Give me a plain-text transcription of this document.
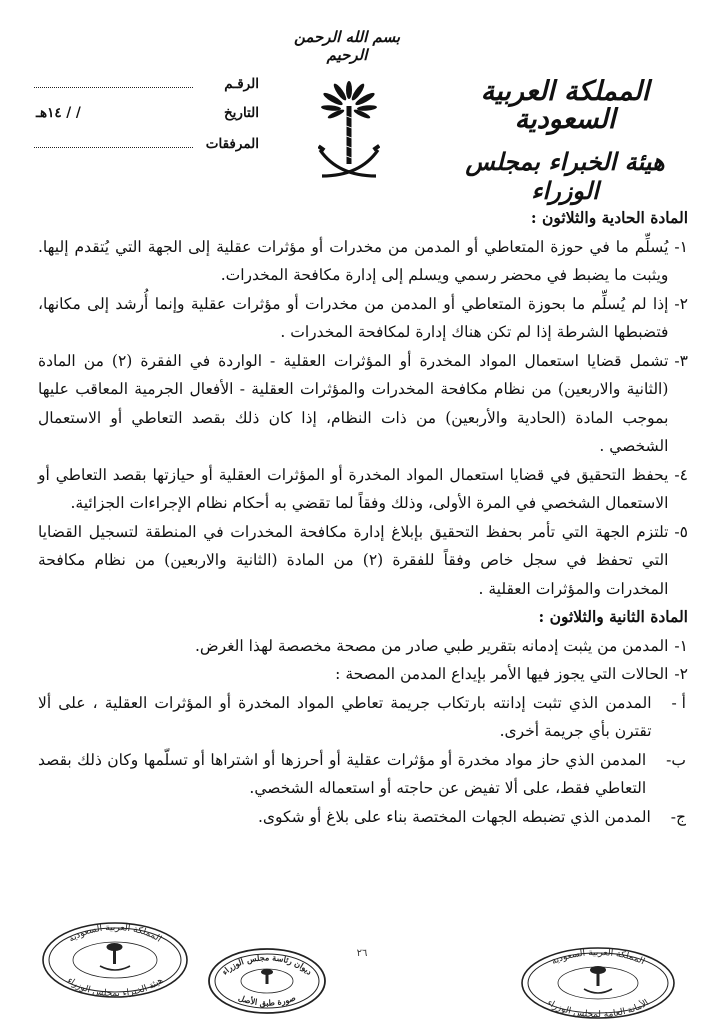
بسم الله الرحمن الرحيم
المملكة العربية السعودية
هيئة الخبراء بمجلس الوزراء
الرقـم
التاريخ
/ / ١٤هـ
المرفقات

المادة الحادية والثلاثون :

١-
يُسلِّم ما في حوزة المتعاطي أو المدمن من مخدرات أو مؤثرات عقلية إلى الجهة التي يُتقدم إليها. ويثبت ما يضبط في محضر رسمي ويسلم إلى إدارة مكافحة المخدرات.

٢-
إذا لم يُسلِّم ما بحوزة المتعاطي أو المدمن من مخدرات أو مؤثرات عقلية وإنما أُرشد إلى مكانها، فتضبطها الشرطة إذا لم تكن هناك إدارة لمكافحة المخدرات .

٣-
تشمل قضايا استعمال المواد المخدرة أو المؤثرات العقلية - الواردة في الفقرة (٢) من المادة (الثانية والاربعين) من نظام مكافحة المخدرات والمؤثرات العقلية - الأفعال الجرمية المعاقب عليها بموجب المادة (الحادية والأربعين) من ذات النظام، إذا كان ذلك بقصد التعاطي أو الاستعمال الشخصي .

٤-
يحفظ التحقيق في قضايا استعمال المواد المخدرة أو المؤثرات العقلية أو حيازتها بقصد التعاطي أو الاستعمال الشخصي في المرة الأولى، وذلك وفقاً لما تقضي به أحكام نظام الإجراءات الجزائية.

٥-
تلتزم الجهة التي تأمر بحفظ التحقيق بإبلاغ إدارة مكافحة المخدرات في المنطقة لتسجيل القضايا التي تحفظ في سجل خاص وفقاً للفقرة (٢) من المادة (الثانية والاربعين) من نظام مكافحة المخدرات والمؤثرات العقلية .

المادة الثانية والثلاثون :

١-
المدمن من يثبت إدمانه بتقرير طبي صادر من مصحة مخصصة لهذا الغرض.

٢-
الحالات التي يجوز فيها الأمر بإيداع المدمن المصحة :

أ -
المدمن الذي تثبت إدانته بارتكاب جريمة تعاطي المواد المخدرة أو المؤثرات العقلية ، على ألا تقترن بأي جريمة أخرى.

ب-
المدمن الذي حاز مواد مخدرة أو مؤثرات عقلية أو أحرزها أو اشتراها أو تسلّمها وكان ذلك بقصد التعاطي فقط، على ألا تفيض عن حاجته أو استعماله الشخصي.

ج-
المدمن الذي تضبطه الجهات المختصة بناء على بلاغ أو شكوى.

٢٦
المملكة العربية السعودية
هيئة الخبراء بمجلس الوزراء
ديوان رئاسة مجلس الوزراء
صورة طبق الأصل
المملكة العربية السعودية
الأمانة العامة لمجلس الوزراء
